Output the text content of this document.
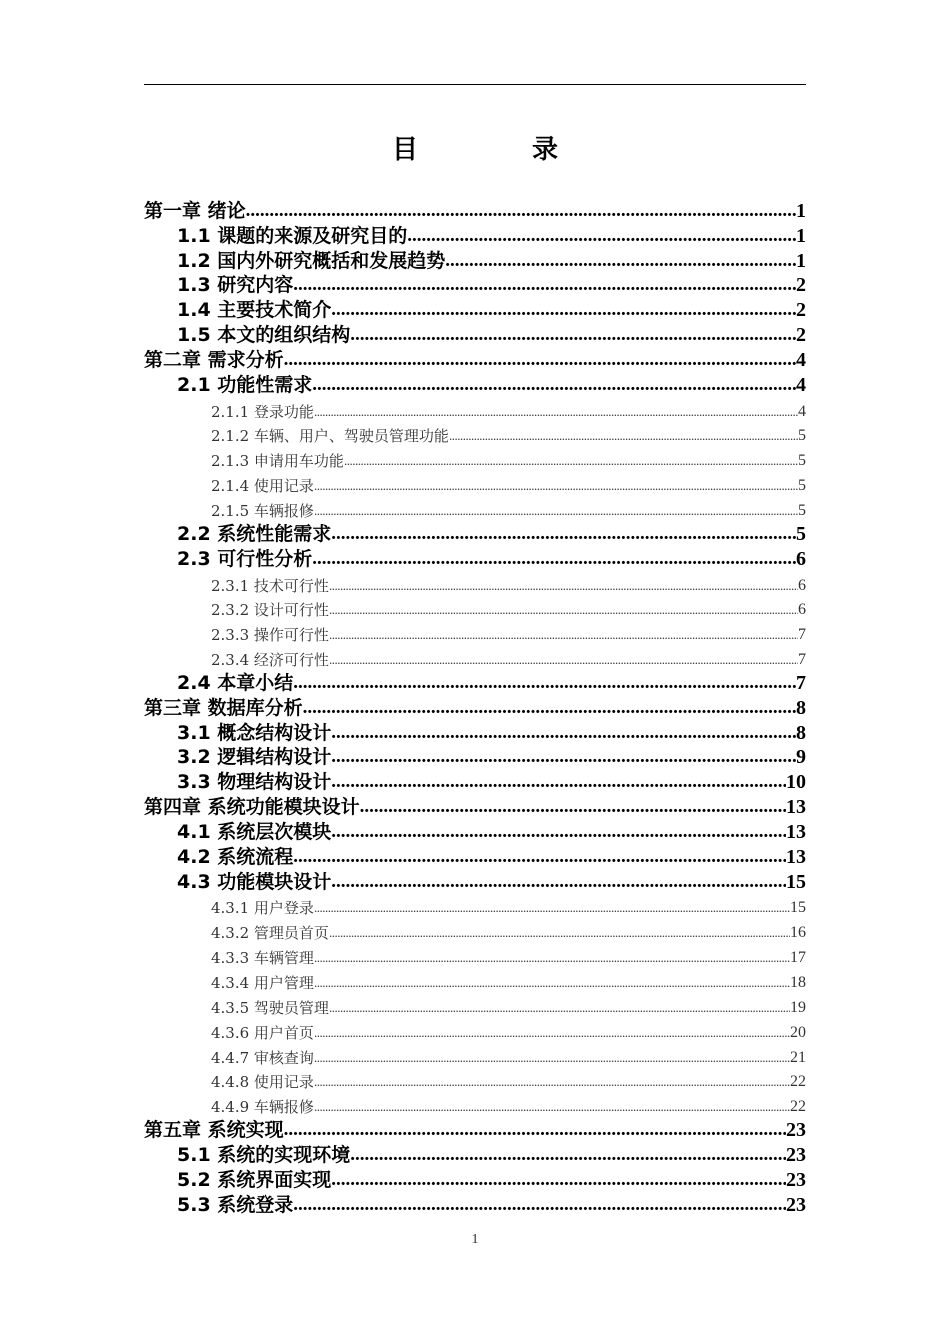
目　录
第一章 绪论 .....	1
1.1 课题的来源及研究目的 .....	1
1.2 国内外研究概括和发展趋势 .....	1
1.3 研究内容 .....	2
1.4 主要技术简介 .....	2
1.5 本文的组织结构 .....	2
第二章 需求分析 .....	4
2.1 功能性需求 .....	4
2.1.1 登录功能 .....	4
2.1.2 车辆、用户、驾驶员管理功能 .....	5
2.1.3 申请用车功能 .....	5
2.1.4 使用记录 .....	5
2.1.5 车辆报修 .....	5
2.2 系统性能需求 .....	5
2.3 可行性分析 .....	6
2.3.1 技术可行性 .....	6
2.3.2 设计可行性 .....	6
2.3.3 操作可行性 .....	7
2.3.4 经济可行性 .....	7
2.4 本章小结 .....	7
第三章 数据库分析 .....	8
3.1 概念结构设计 .....	8
3.2 逻辑结构设计 .....	9
3.3 物理结构设计 .....	10
第四章 系统功能模块设计 .....	13
4.1 系统层次模块 .....	13
4.2 系统流程 .....	13
4.3 功能模块设计 .....	15
4.3.1 用户登录 .....	15
4.3.2 管理员首页 .....	16
4.3.3 车辆管理 .....	17
4.3.4 用户管理 .....	18
4.3.5 驾驶员管理 .....	19
4.3.6 用户首页 .....	20
4.4.7 审核查询 .....	21
4.4.8 使用记录 .....	22
4.4.9 车辆报修 .....	22
第五章 系统实现 .....	23
5.1 系统的实现环境 .....	23
5.2 系统界面实现 .....	23
5.3 系统登录 .....	23
1
